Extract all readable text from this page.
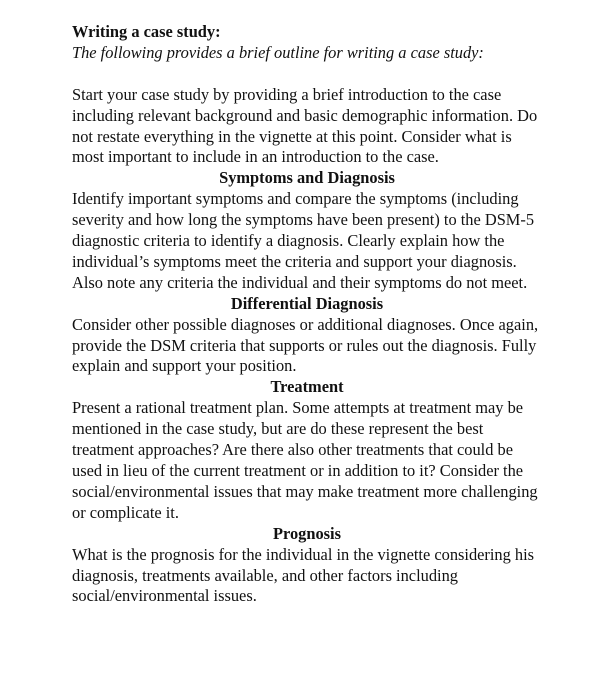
Writing a case study:
The following provides a brief outline for writing a case study:

Start your case study by providing a brief introduction to the case including relevant background and basic demographic information. Do not restate everything in the vignette at this point. Consider what is most important to include in an introduction to the case.

Symptoms and Diagnosis

Identify important symptoms and compare the symptoms (including severity and how long the symptoms have been present) to the DSM-5 diagnostic criteria to identify a diagnosis. Clearly explain how the individual’s symptoms meet the criteria and support your diagnosis. Also note any criteria the individual and their symptoms do not meet.

Differential Diagnosis

Consider other possible diagnoses or additional diagnoses. Once again, provide the DSM criteria that supports or rules out the diagnosis. Fully explain and support your position.

Treatment

Present a rational treatment plan. Some attempts at treatment may be mentioned in the case study, but are do these represent the best treatment approaches? Are there also other treatments that could be used in lieu of the current treatment or in addition to it? Consider the social/environmental issues that may make treatment more challenging or complicate it.

Prognosis

What is the prognosis for the individual in the vignette considering his diagnosis, treatments available, and other factors including social/environmental issues.
